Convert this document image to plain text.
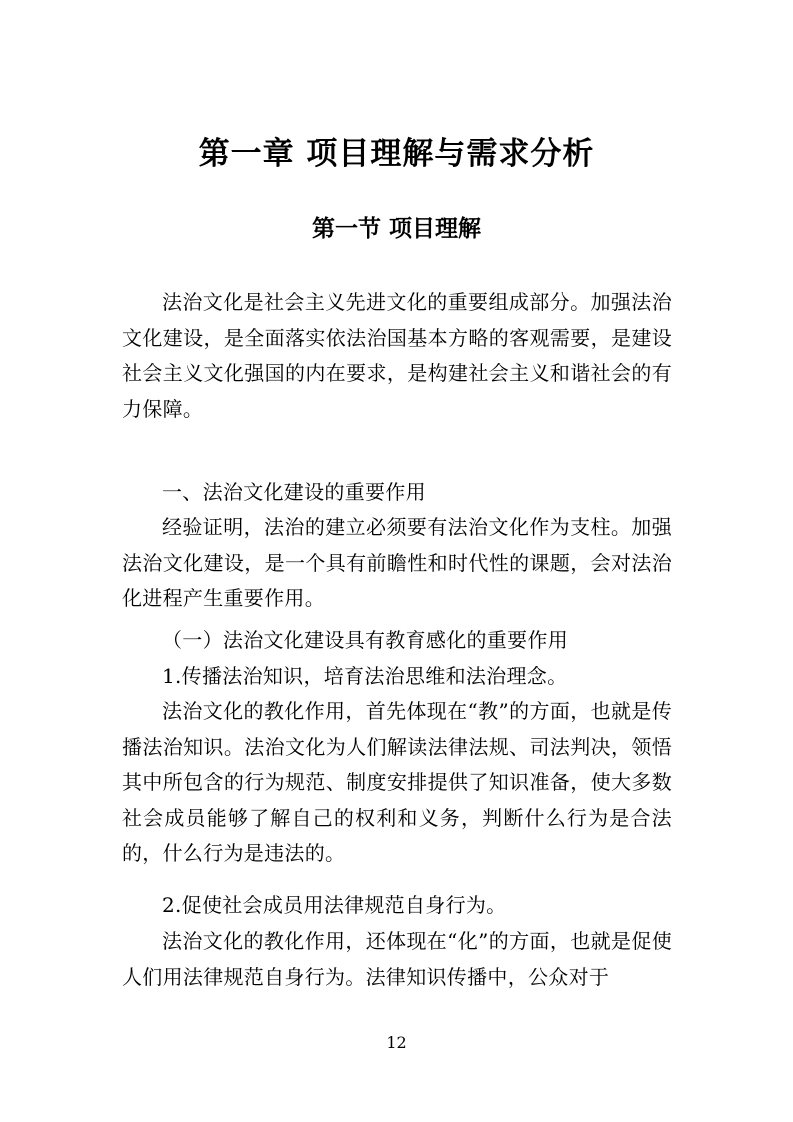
第一章 项目理解与需求分析
第一节 项目理解

法治文化是社会主义先进文化的重要组成部分。加强法治文化建设，是全面落实依法治国基本方略的客观需要，是建设社会主义文化强国的内在要求，是构建社会主义和谐社会的有力保障。

一、法治文化建设的重要作用

经验证明，法治的建立必须要有法治文化作为支柱。加强法治文化建设，是一个具有前瞻性和时代性的课题，会对法治化进程产生重要作用。

（一）法治文化建设具有教育感化的重要作用

1.传播法治知识，培育法治思维和法治理念。

法治文化的教化作用，首先体现在“教”的方面，也就是传播法治知识。法治文化为人们解读法律法规、司法判决，领悟其中所包含的行为规范、制度安排提供了知识准备，使大多数社会成员能够了解自己的权利和义务，判断什么行为是合法的，什么行为是违法的。

2.促使社会成员用法律规范自身行为。

法治文化的教化作用，还体现在“化”的方面，也就是促使人们用法律规范自身行为。法律知识传播中，公众对于

12
